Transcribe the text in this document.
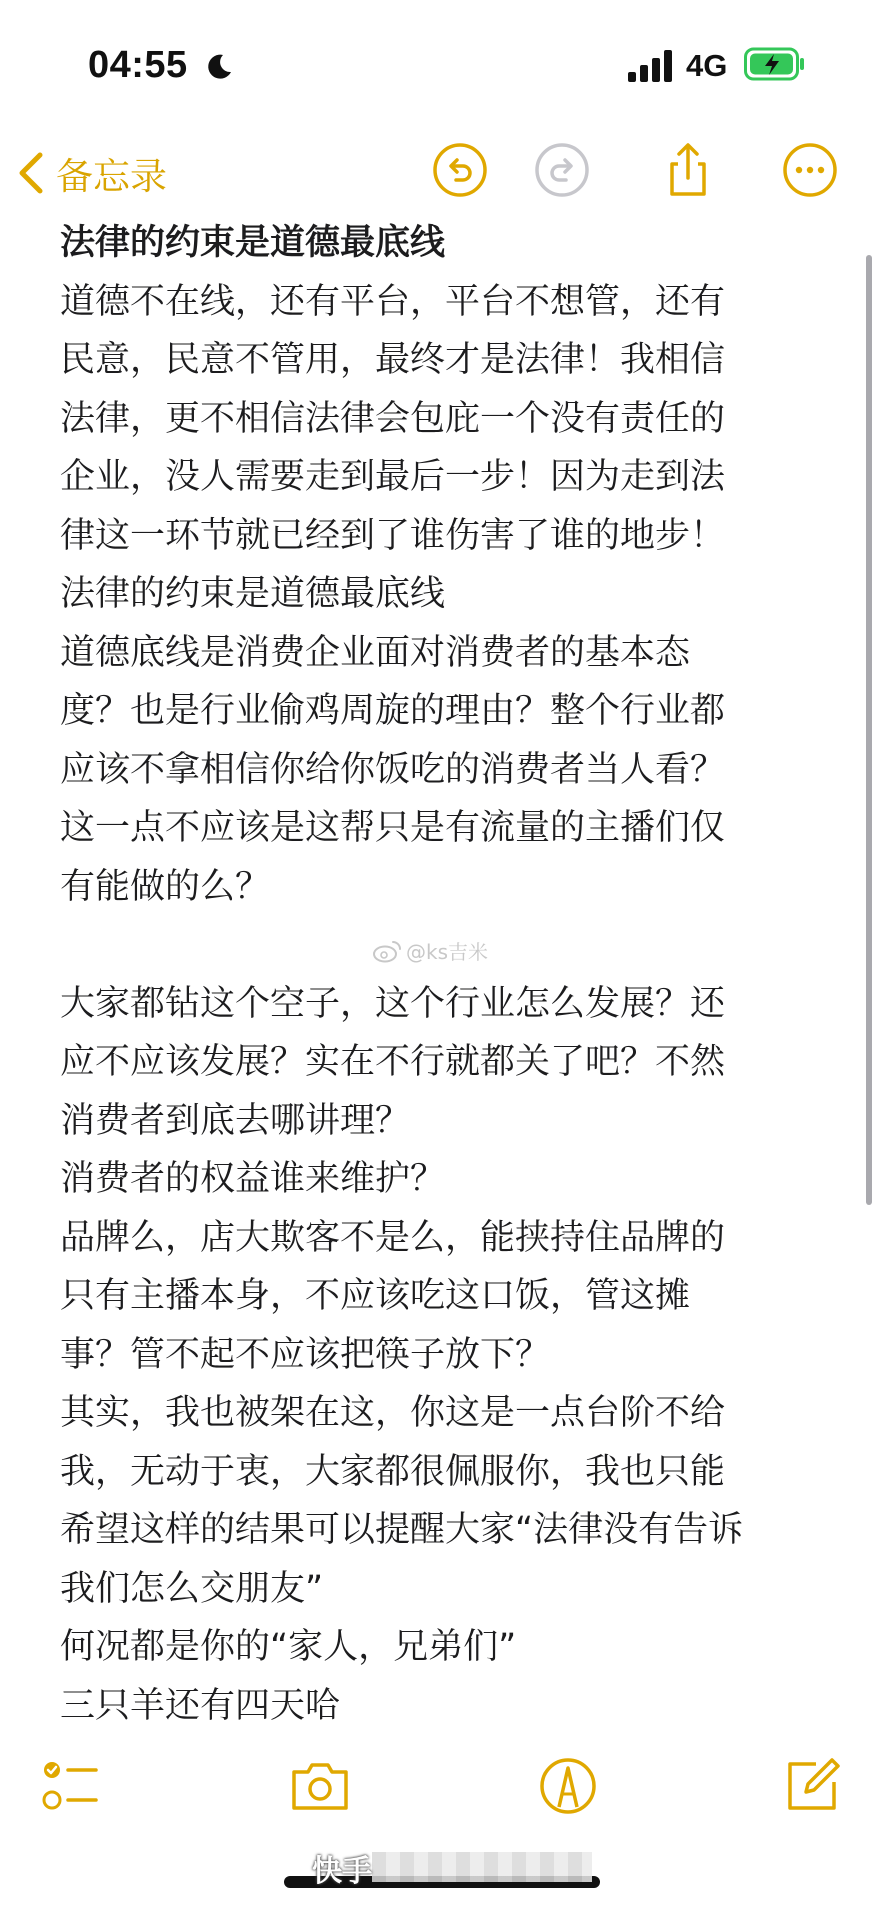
04:55	4G
备忘录
法律的约束是道德最底线
道德不在线，还有平台，平台不想管，还有
民意，民意不管用，最终才是法律！我相信
法律，更不相信法律会包庇一个没有责任的
企业，没人需要走到最后一步！因为走到法
律这一环节就已经到了谁伤害了谁的地步！
法律的约束是道德最底线
道德底线是消费企业面对消费者的基本态
度？也是行业偷鸡周旋的理由？整个行业都
应该不拿相信你给你饭吃的消费者当人看？
这一点不应该是这帮只是有流量的主播们仅
有能做的么？
大家都钻这个空子，这个行业怎么发展？还
应不应该发展？实在不行就都关了吧？不然
消费者到底去哪讲理？
消费者的权益谁来维护？
品牌么，店大欺客不是么，能挟持住品牌的
只有主播本身，不应该吃这口饭，管这摊
事？管不起不应该把筷子放下？
其实，我也被架在这，你这是一点台阶不给
我，无动于衷，大家都很佩服你，我也只能
希望这样的结果可以提醒大家“法律没有告诉
我们怎么交朋友”
何况都是你的“家人，兄弟们”
三只羊还有四天哈
@ks吉米
快手
